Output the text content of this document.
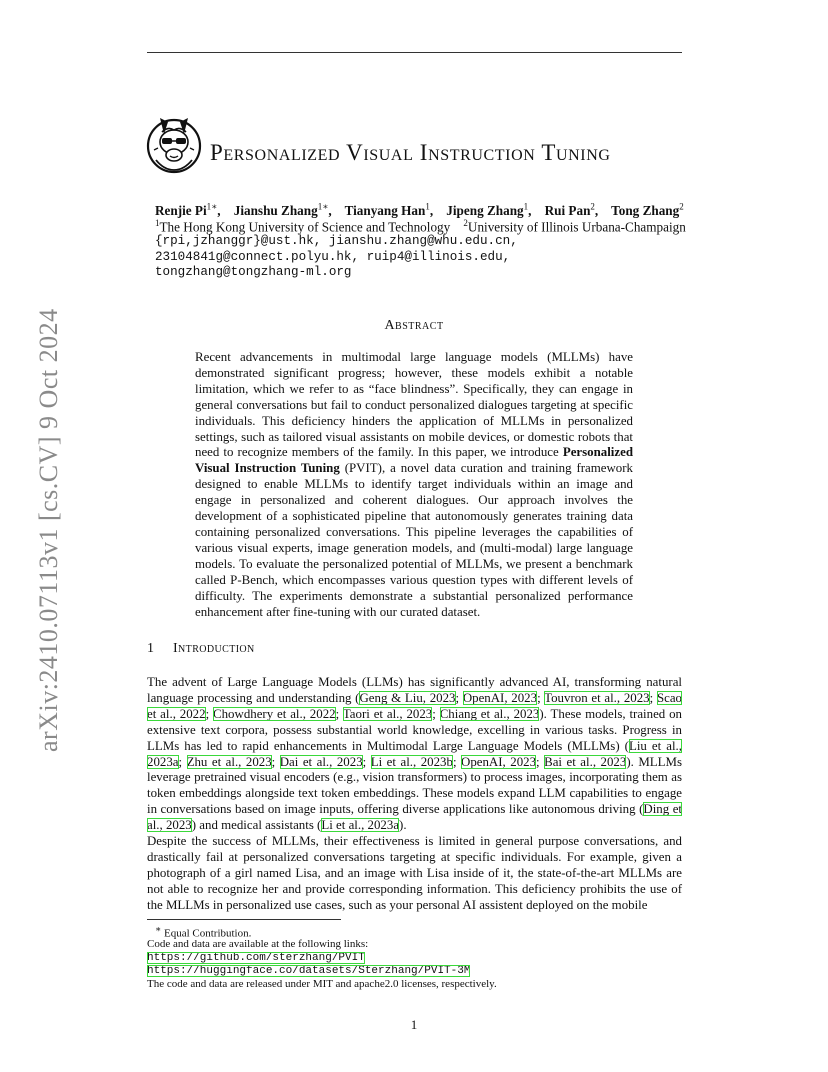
arXiv:2410.07113v1 [cs.CV] 9 Oct 2024
Personalized Visual Instruction Tuning
Renjie $Pi^{1∗}$, Jianshu Zhang$^{1∗}$, Tianyang Han$^1$, Jipeng Zhang$^1$, Rui Pan$^2$, Tong Zhang$^2$
$^1$The Hong Kong University of Science and Technology $^2$University of Illinois Urbana-Champaign
{rpi,jzhanggr}@ust.hk, jianshu.zhang@whu.edu.cn,
23104841g@connect.polyu.hk, ruip4@illinois.edu,
tongzhang@tongzhang-ml.org
Abstract
Recent advancements in multimodal large language models (MLLMs) have demonstrated significant progress; however, these models exhibit a notable limitation, which we refer to as “face blindness”. Specifically, they can engage in general conversations but fail to conduct personalized dialogues targeting at specific individuals. This deficiency hinders the application of MLLMs in personalized settings, such as tailored visual assistants on mobile devices, or domestic robots that need to recognize members of the family. In this paper, we introduce Personalized Visual Instruction Tuning (PVIT), a novel data curation and training framework designed to enable MLLMs to identify target individuals within an image and engage in personalized and coherent dialogues. Our approach involves the development of a sophisticated pipeline that autonomously generates training data containing personalized conversations. This pipeline leverages the capabilities of various visual experts, image generation models, and (multi-modal) large language models. To evaluate the personalized potential of MLLMs, we present a benchmark called P-Bench, which encompasses various question types with different levels of difficulty. The experiments demonstrate a substantial personalized performance enhancement after fine-tuning with our curated dataset.
1 Introduction
The advent of Large Language Models (LLMs) has significantly advanced AI, transforming natural language processing and understanding (Geng & Liu, 2023; OpenAI, 2023; Touvron et al., 2023; Scao et al., 2022; Chowdhery et al., 2022; Taori et al., 2023; Chiang et al., 2023). These models, trained on extensive text corpora, possess substantial world knowledge, excelling in various tasks. Progress in LLMs has led to rapid enhancements in Multimodal Large Language Models (MLLMs) (Liu et al., 2023a; Zhu et al., 2023; Dai et al., 2023; Li et al., 2023b; OpenAI, 2023; Bai et al., 2023). MLLMs leverage pretrained visual encoders (e.g., vision transformers) to process images, incorporating them as token embeddings alongside text token embeddings. These models expand LLM capabilities to engage in conversations based on image inputs, offering diverse applications like autonomous driving (Ding et al., 2023) and medical assistants (Li et al., 2023a).
Despite the success of MLLMs, their effectiveness is limited in general purpose conversations, and drastically fail at personalized conversations targeting at specific individuals. For example, given a photograph of a girl named Lisa, and an image with Lisa inside of it, the state-of-the-art MLLMs are not able to recognize her and provide corresponding information. This deficiency prohibits the use of the MLLMs in personalized use cases, such as your personal AI assistent deployed on the mobile
∗ Equal Contribution.
Code and data are available at the following links:
https://github.com/sterzhang/PVIT
https://huggingface.co/datasets/Sterzhang/PVIT-3M
The code and data are released under MIT and apache2.0 licenses, respectively.
1
